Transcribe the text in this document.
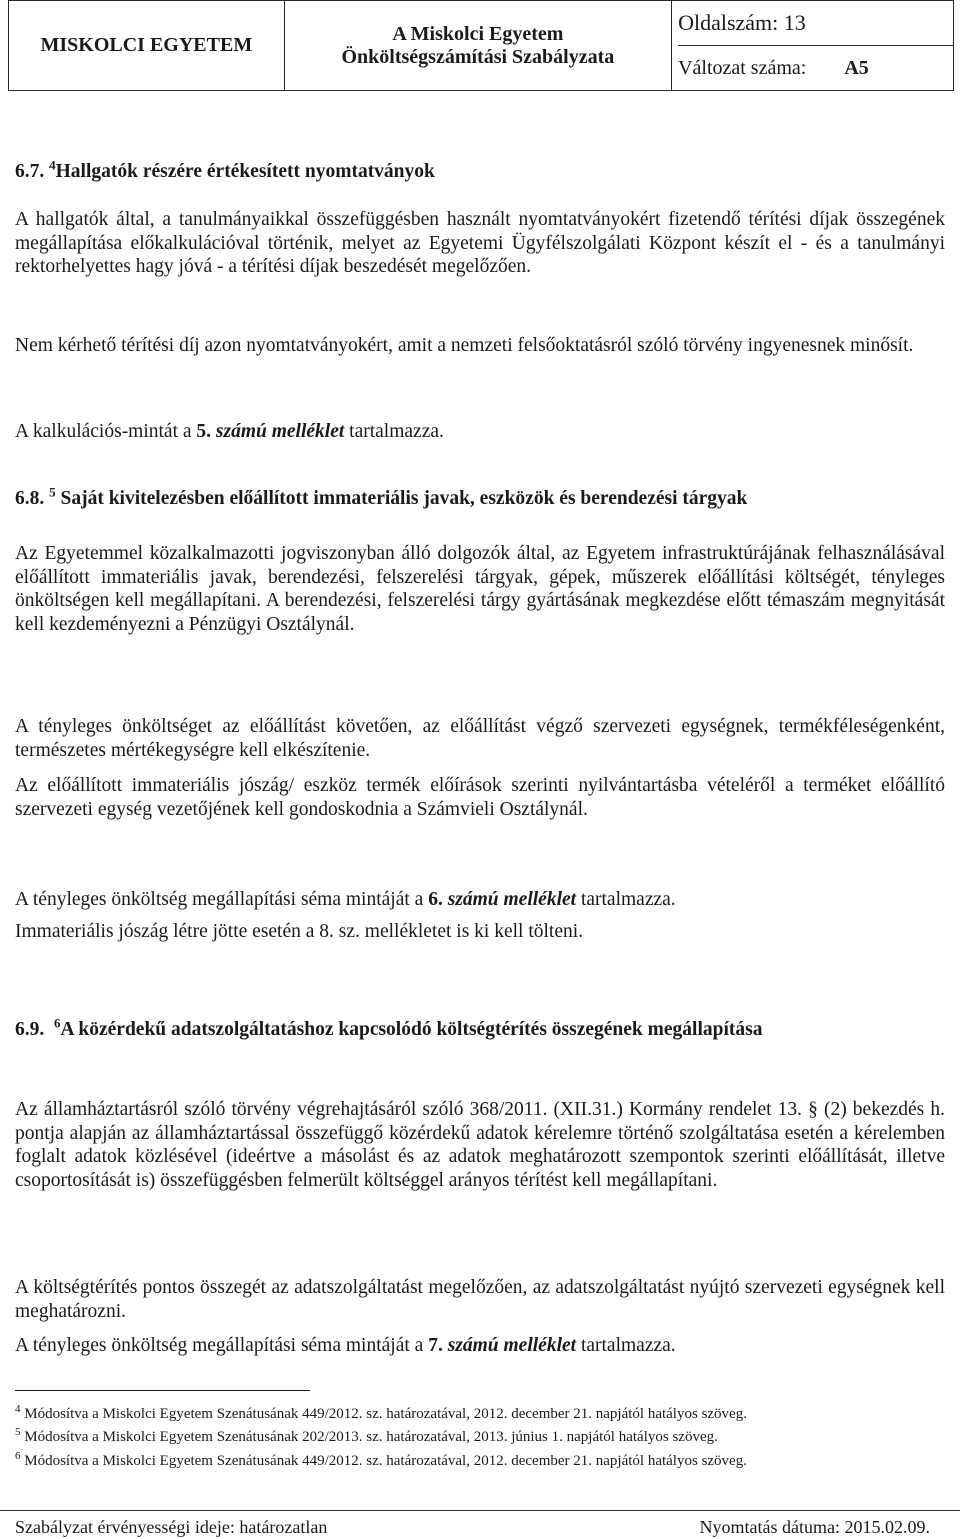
MISKOLCI EGYETEM	
A Miskolci Egyetem
Önköltségszámítási Szabályzata

Oldalszám: 13
Változat száma: A5
6.7. $^4$Hallgatók részére értékesített nyomtatványok
A hallgatók által, a tanulmányaikkal összefüggésben használt nyomtatványokért fizetendő térítési díjak összegének megállapítása előkalkulációval történik, melyet az Egyetemi Ügyfélszolgálati Központ készít el - és a tanulmányi rektorhelyettes hagy jóvá - a térítési díjak beszedését megelőzően.
Nem kérhető térítési díj azon nyomtatványokért, amit a nemzeti felsőoktatásról szóló törvény ingyenesnek minősít.
A kalkulációs-mintát a 5. számú melléklet tartalmazza.
6.8. $^5$ Saját kivitelezésben előállított immateriális javak, eszközök és berendezési tárgyak
Az Egyetemmel közalkalmazotti jogviszonyban álló dolgozók által, az Egyetem infrastruktúrájának felhasználásával előállított immateriális javak, berendezési, felszerelési tárgyak, gépek, műszerek előállítási költségét, tényleges önköltségen kell megállapítani. A berendezési, felszerelési tárgy gyártásának megkezdése előtt témaszám megnyitását kell kezdeményezni a Pénzügyi Osztálynál.
A tényleges önköltséget az előállítást követően, az előállítást végző szervezeti egységnek, termékféleségenként, természetes mértékegységre kell elkészítenie.
Az előállított immateriális jószág/ eszköz termék előírások szerinti nyilvántartásba vételéről a terméket előállító szervezeti egység vezetőjének kell gondoskodnia a Számvieli Osztálynál.
A tényleges önköltség megállapítási séma mintáját a 6. számú melléklet tartalmazza.
Immateriális jószág létre jötte esetén a 8. sz. mellékletet is ki kell tölteni.
6.9. $^6$A közérdekű adatszolgáltatáshoz kapcsolódó költségtérítés összegének megállapítása
Az államháztartásról szóló törvény végrehajtásáról szóló 368/2011. (XII.31.) Kormány rendelet 13. § (2) bekezdés h. pontja alapján az államháztartással összefüggő közérdekű adatok kérelemre történő szolgáltatása esetén a kérelemben foglalt adatok közlésével (ideértve a másolást és az adatok meghatározott szempontok szerinti előállítását, illetve csoportosítását is) összefüggésben felmerült költséggel arányos térítést kell megállapítani.
A költségtérítés pontos összegét az adatszolgáltatást megelőzően, az adatszolgáltatást nyújtó szervezeti egységnek kell meghatározni.
A tényleges önköltség megállapítási séma mintáját a 7. számú melléklet tartalmazza.
$^4$ Módosítva a Miskolci Egyetem Szenátusának 449/2012. sz. határozatával, 2012. december 21. napjától hatályos szöveg.
$^5$ Módosítva a Miskolci Egyetem Szenátusának 202/2013. sz. határozatával, 2013. június 1. napjától hatályos szöveg.
$^6$ Módosítva a Miskolci Egyetem Szenátusának 449/2012. sz. határozatával, 2012. december 21. napjától hatályos szöveg.
Szabályzat érvényességi ideje: határozatlan	Nyomtatás dátuma: 2015.02.09.
